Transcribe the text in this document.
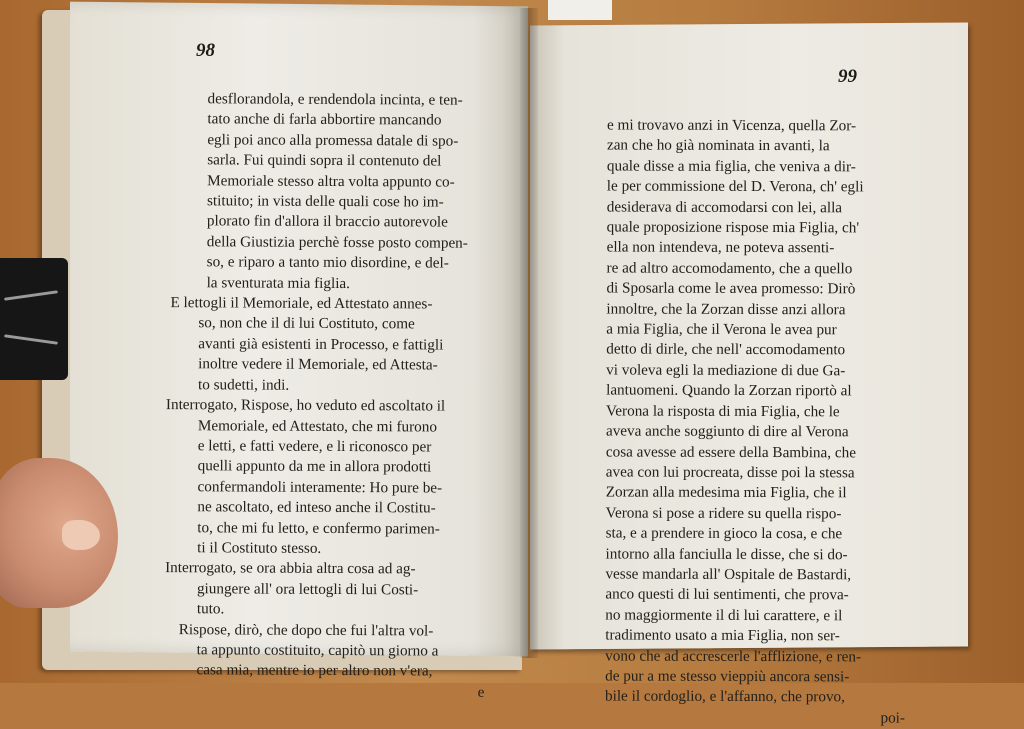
98
99
desflorandola, e rendendola incinta, e ten-
tato anche di farla abbortire mancando
egli poi anco alla promessa datale di spo-
sarla. Fui quindi sopra il contenuto del
Memoriale stesso altra volta appunto co-
stituito; in vista delle quali cose ho im-
plorato fin d'allora il braccio autorevole
della Giustizia perchè fosse posto compen-
so, e riparo a tanto mio disordine, e del-
la sventurata mia figlia.
E lettogli il Memoriale, ed Attestato annes-
so, non che il di lui Costituto, come
avanti già esistenti in Processo, e fattigli
inoltre vedere il Memoriale, ed Attesta-
to sudetti, indi.
Interrogato, Risposе, ho veduto ed ascoltato il
Memoriale, ed Attestato, che mi furono
e letti, e fatti vedere, e li riconosco per
quelli appunto da me in allora prodotti
confermandoli interamente: Ho pure be-
ne ascoltato, ed inteso anche il Costitu-
to, che mi fu letto, e confermo parimen-
ti il Costituto stesso.
Interrogato, se ora abbia altra cosa ad ag-
giungere all' ora lettogli di lui Costi-
tuto.
Rispose, dirò, che dopo che fui l'altra vol-
ta appunto costituito, capitò un giorno a
casa mia, mentre io per altro non v'era,
e
e mi trovavo anzi in Vicenza, quella Zor-
zan che ho già nominata in avanti, la
quale disse a mia figlia, che veniva a dir-
le per commissione del D. Verona, ch' egli
desiderava di accomodarsi con lei, alla
quale proposizione rispose mia Figlia, ch'
ella non intendeva, ne poteva assenti-
re ad altro accomodamento, che a quello
di Sposarla come le avea promesso: Dirò
innoltre, che la Zorzan disse anzi allora
a mia Figlia, che il Verona le avea pur
detto di dirle, che nell' accomodamento
vi voleva egli la mediazione di due Ga-
lantuomeni. Quando la Zorzan riportò al
Verona la risposta di mia Figlia, che le
aveva anche soggiunto di dire al Verona
cosa avesse ad essere della Bambina, che
avea con lui procreata, disse poi la stessa
Zorzan alla medesima mia Figlia, che il
Verona si pose a ridere su quella rispo-
sta, e a prendere in gioco la cosa, e che
intorno alla fanciulla le disse, che si do-
vesse mandarla all' Ospitale de Bastardi,
anco questi di lui sentimenti, che prova-
no maggiormente il di lui carattere, e il
tradimento usato a mia Figlia, non ser-
vono che ad accrescerle l'afflizione, e ren-
de pur a me stesso vieppiù ancora sensi-
bile il cordoglio, e l'affanno, che provo,
poi-
